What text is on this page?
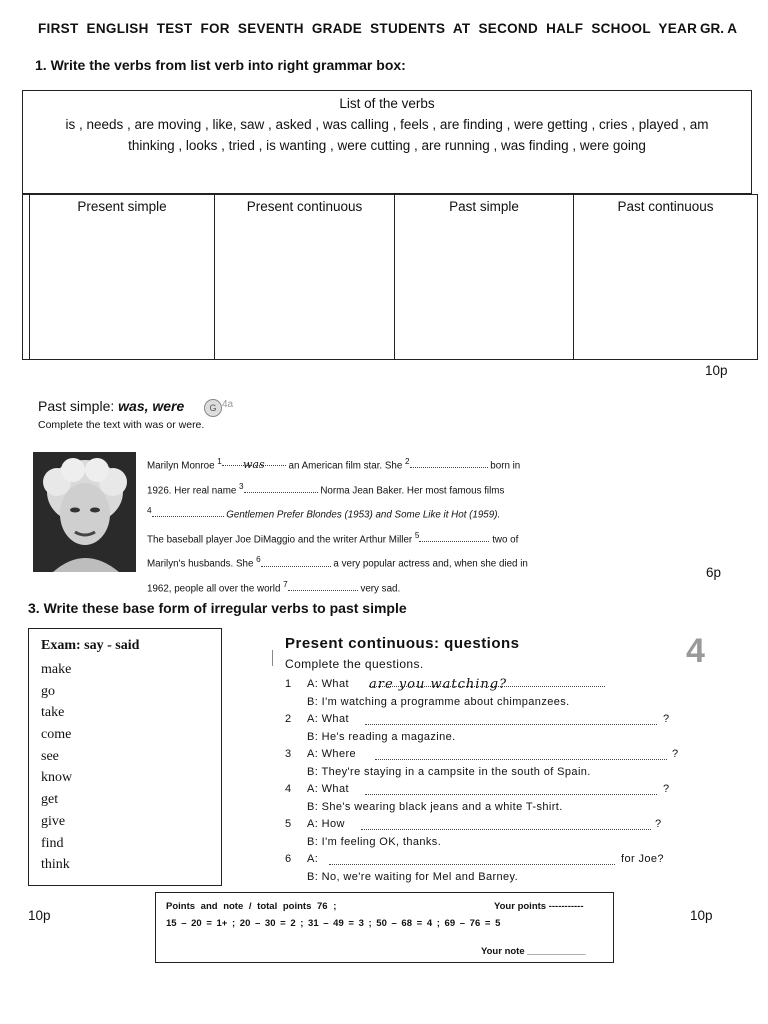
FIRST ENGLISH TEST FOR SEVENTH GRADE STUDENTS AT SECOND HALF SCHOOL YEAR GR. A
1. Write the verbs from list verb into right grammar box:
List of the verbs
is , needs , are moving , like, saw , asked , was calling , feels , are finding , were getting , cries , played , am
thinking , looks , tried , is wanting , were cutting , are running , was finding , were going
Present simple	Present continuous	Past simple	Past continuous
10p
Past simple: was, were	G 4a
Complete the text with was or were.
Marilyn Monroe $^1$ was an American film star. She $^2$	born in
1926. Her real name $^3$	Norma Jean Baker. Her most famous films
$^4$	Gentlemen Prefer Blondes (1953) and Some Like it Hot (1959).
The baseball player Joe DiMaggio and the writer Arthur Miller $^5$	two of
Marilyn's husbands. She $^6$	a very popular actress and, when she died in
1962, people all over the world $^7$	very sad.
6p
3. Write these base form of irregular verbs to past simple
Exam: say - said
make
go
take
come
see
know
get
give
find
think
Present continuous: questions	4
Complete the questions.
1 A: What are you watching?
B: I'm watching a programme about chimpanzees.
2 A: What	?
B: He's reading a magazine.
3 A: Where	?
B: They're staying in a campsite in the south of Spain.
4 A: What	?
B: She's wearing black jeans and a white T-shirt.
5 A: How	?
B: I'm feeling OK, thanks.
6 A:	for Joe?
B: No, we're waiting for Mel and Barney.
10p	10p
Points and note / total points 76 ;	Your points -----------
15 – 20 = 1+ ; 20 – 30 = 2 ; 31 – 49 = 3 ; 50 – 68 = 4 ; 69 – 76 = 5
Your note ___________
